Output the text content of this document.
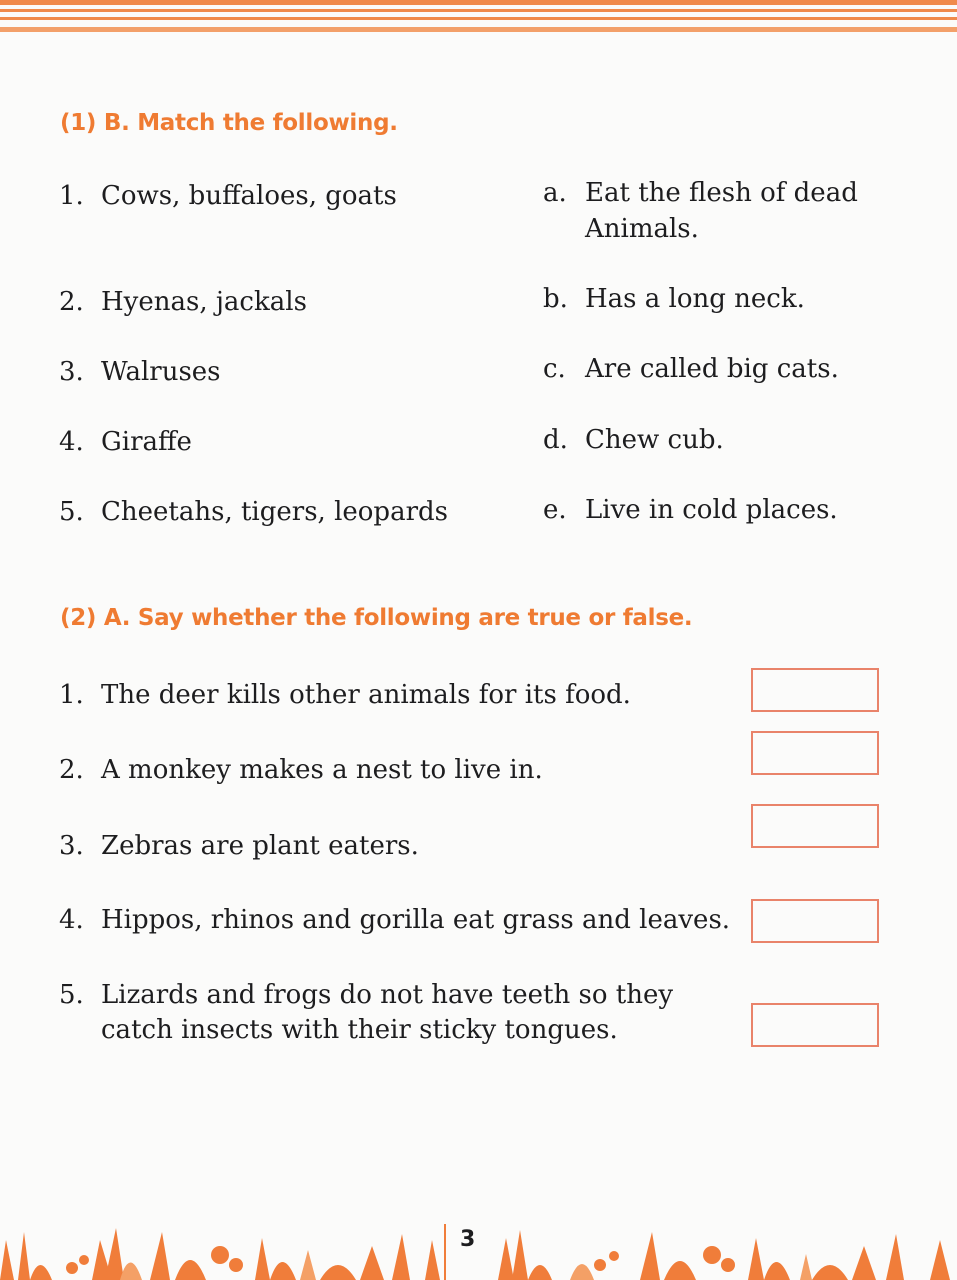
(1) B. Match the following.
1. Cows, buffaloes, goats
2. Hyenas, jackals
3. Walruses
4. Giraffe
5. Cheetahs, tigers, leopards
a. Eat the flesh of dead
Animals.
b. Has a long neck.
c. Are called big cats.
d. Chew cub.
e. Live in cold places.
(2) A. Say whether the following are true or false.
1. The deer kills other animals for its food.
2. A monkey makes a nest to live in.
3. Zebras are plant eaters.
4. Hippos, rhinos and gorilla eat grass and leaves.
5. Lizards and frogs do not have teeth so they
catch insects with their sticky tongues.
3
